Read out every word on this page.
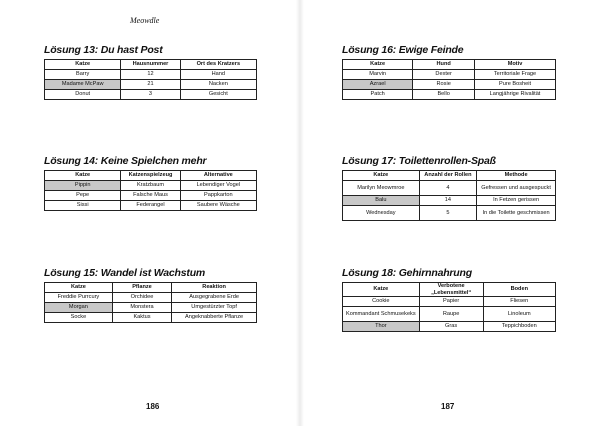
Meowdle
Lösung 13: Du hast Post
Katze	Hausnummer	Ort des Kratzers
Barry	12	Hand
Madame McPaw	21	Nacken
Donut	3	Gesicht
Lösung 14: Keine Spielchen mehr
Katze	Katzenspielzeug	Alternative
Pippin	Kratzbaum	Lebendiger Vogel
Pepe	Falsche Maus	Pappkarton
Sissi	Federangel	Saubere Wäsche
Lösung 15: Wandel ist Wachstum
Katze	Pflanze	Reaktion
Freddie Purrcury	Orchidee	Ausgegrabene Erde
Morgan	Monstera	Umgestürzter Topf
Socke	Kaktus	Angeknabberte Pflanze
186
Lösung 16: Ewige Feinde
Katze	Hund	Motiv
Marvin	Dexter	Territoriale Frage
Azrael	Rosie	Pure Bosheit
Patch	Bello	Langjährige Rivalität
Lösung 17: Toilettenrollen-Spaß
Katze	Anzahl der Rollen	Methode
Marilyn Meowmroe	4	Gefressen und ausgespuckt
Balu	14	In Fetzen gerissen
Wednesday	5	In die Toilette geschmissen
Lösung 18: Gehirnnahrung
Katze	Verbotene „Lebensmittel“	Boden
Cookie	Papier	Fliesen
Kommandant Schmusekeks	Raupe	Linoleum
Thor	Gras	Teppichboden
187
